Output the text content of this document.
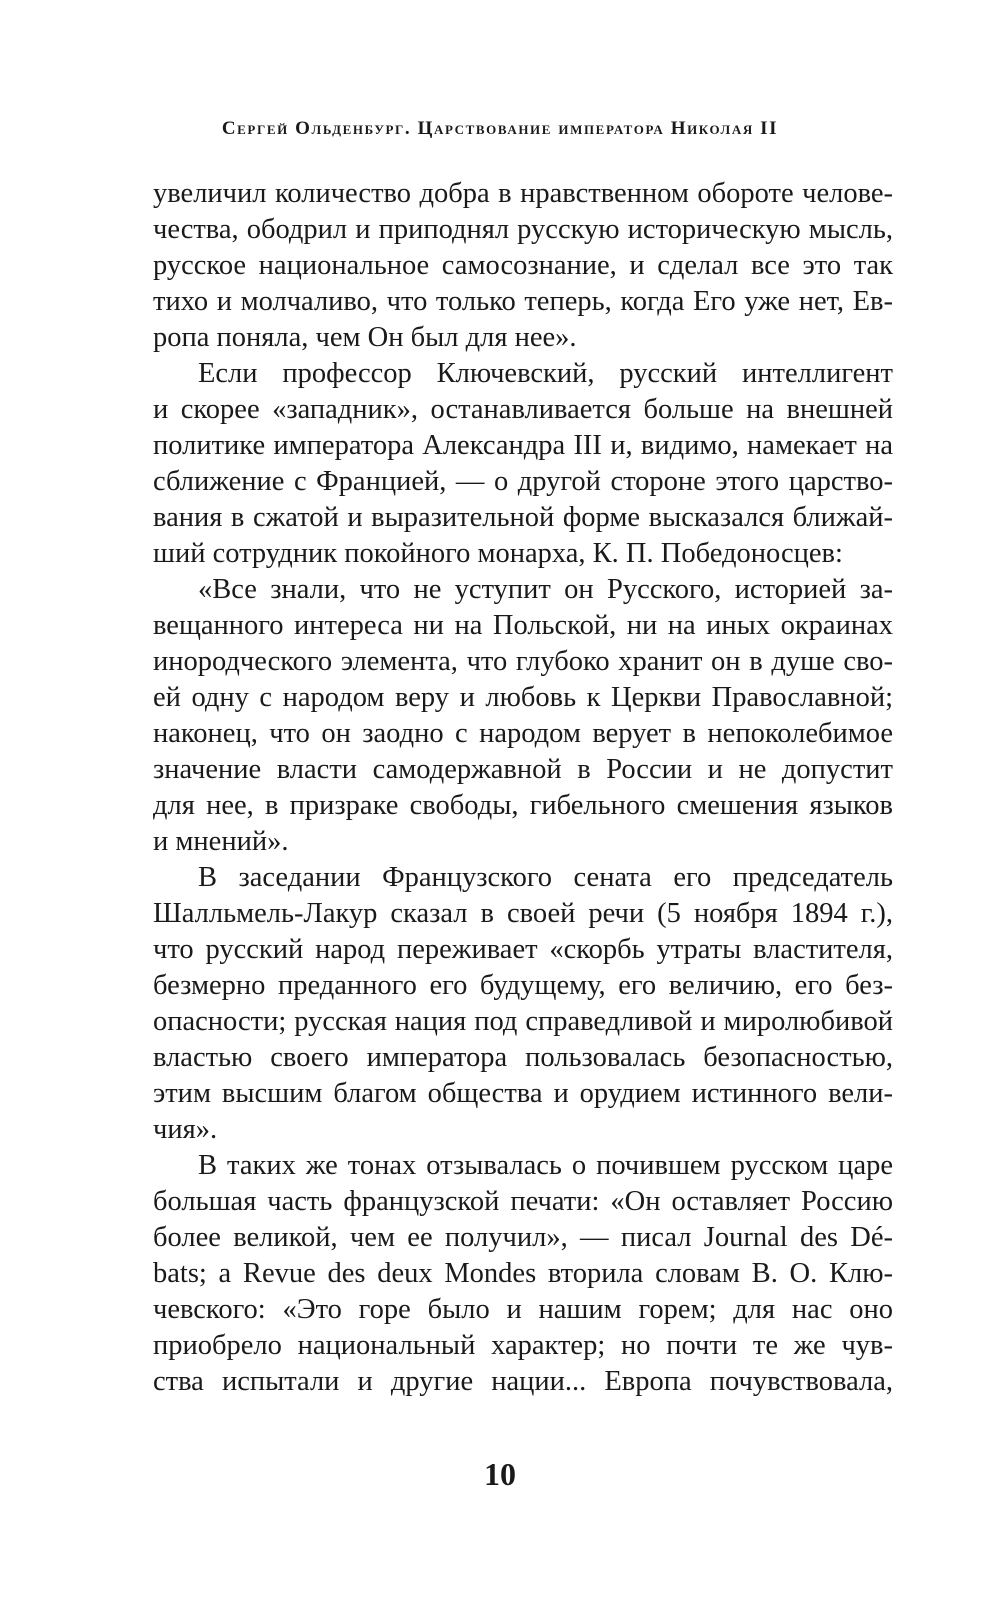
Сергей Ольденбург. Царствование императора Николая II
увеличил количество добра в нравственном обороте челове-
чества, ободрил и приподнял русскую историческую мысль,
русское национальное самосознание, и сделал все это так
тихо и молчаливо, что только теперь, когда Его уже нет, Ев-
ропа поняла, чем Он был для нее».
Если профессор Ключевский, русский интеллигент
и скорее «западник», останавливается больше на внешней
политике императора Александра III и, видимо, намекает на
сближение с Францией, — о другой стороне этого царство-
вания в сжатой и выразительной форме высказался ближай-
ший сотрудник покойного монарха, К. П. Победоносцев:
«Все знали, что не уступит он Русского, историей за-
вещанного интереса ни на Польской, ни на иных окраинах
инородческого элемента, что глубоко хранит он в душе сво-
ей одну с народом веру и любовь к Церкви Православной;
наконец, что он заодно с народом верует в непоколебимое
значение власти самодержавной в России и не допустит
для нее, в призраке свободы, гибельного смешения языков
и мнений».
В заседании Французского сената его председатель
Шалльмель-Лакур сказал в своей речи (5 ноября 1894 г.),
что русский народ переживает «скорбь утраты властителя,
безмерно преданного его будущему, его величию, его без-
опасности; русская нация под справедливой и миролюбивой
властью своего императора пользовалась безопасностью,
этим высшим благом общества и орудием истинного вели-
чия».
В таких же тонах отзывалась о почившем русском царе
большая часть французской печати: «Он оставляет Россию
более великой, чем ее получил», — писал Journal des Dé-
bats; а Revue des deux Mondes вторила словам В. О. Клю-
чевского: «Это горе было и нашим горем; для нас оно
приобрело национальный характер; но почти те же чув-
ства испытали и другие нации... Европа почувствовала,
10
